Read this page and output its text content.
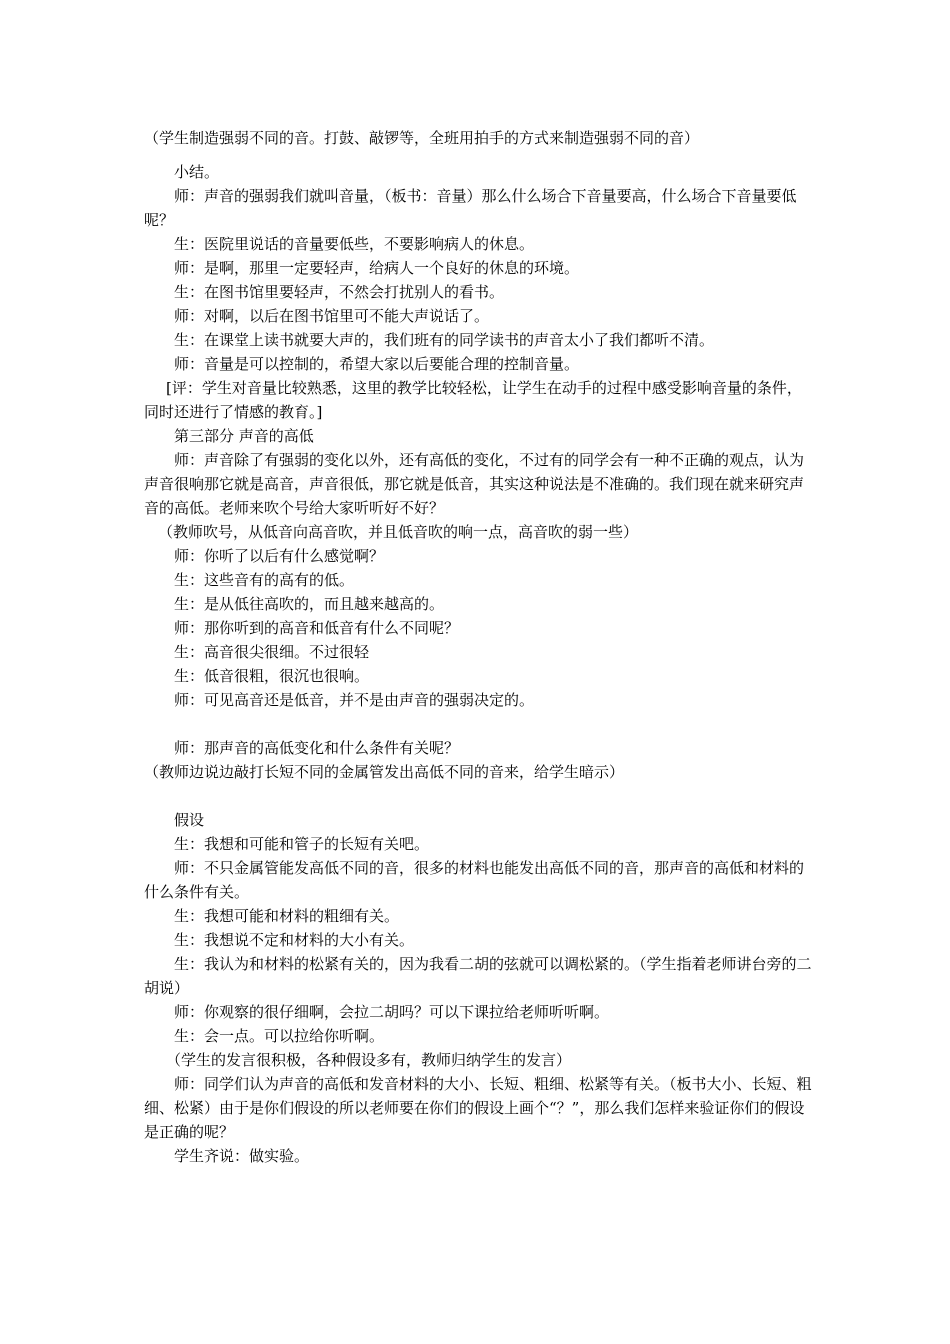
（学生制造强弱不同的音。打鼓、敲锣等，全班用拍手的方式来制造强弱不同的音）

小结。

师：声音的强弱我们就叫音量，（板书：音量）那么什么场合下音量要高，什么场合下音量要低呢？

生：医院里说话的音量要低些，不要影响病人的休息。

师：是啊，那里一定要轻声，给病人一个良好的休息的环境。

生：在图书馆里要轻声，不然会打扰别人的看书。

师：对啊，以后在图书馆里可不能大声说话了。

生：在课堂上读书就要大声的，我们班有的同学读书的声音太小了我们都听不清。

师：音量是可以控制的，希望大家以后要能合理的控制音量。

[评：学生对音量比较熟悉，这里的教学比较轻松，让学生在动手的过程中感受影响音量的条件，同时还进行了情感的教育。]

第三部分 声音的高低

师：声音除了有强弱的变化以外，还有高低的变化，不过有的同学会有一种不正确的观点，认为声音很响那它就是高音，声音很低，那它就是低音，其实这种说法是不准确的。我们现在就来研究声音的高低。老师来吹个号给大家听听好不好？

（教师吹号，从低音向高音吹，并且低音吹的响一点，高音吹的弱一些）

师：你听了以后有什么感觉啊？

生：这些音有的高有的低。

生：是从低往高吹的，而且越来越高的。

师：那你听到的高音和低音有什么不同呢？

生：高音很尖很细。不过很轻

生：低音很粗，很沉也很响。

师：可见高音还是低音，并不是由声音的强弱决定的。

师：那声音的高低变化和什么条件有关呢？

（教师边说边敲打长短不同的金属管发出高低不同的音来，给学生暗示）

假设

生：我想和可能和管子的长短有关吧。

师：不只金属管能发高低不同的音，很多的材料也能发出高低不同的音，那声音的高低和材料的什么条件有关。

生：我想可能和材料的粗细有关。

生：我想说不定和材料的大小有关。

生：我认为和材料的松紧有关的，因为我看二胡的弦就可以调松紧的。（学生指着老师讲台旁的二胡说）

师：你观察的很仔细啊，会拉二胡吗？可以下课拉给老师听听啊。

生：会一点。可以拉给你听啊。

（学生的发言很积极，各种假设多有，教师归纳学生的发言）

师：同学们认为声音的高低和发音材料的大小、长短、粗细、松紧等有关。（板书大小、长短、粗细、松紧）由于是你们假设的所以老师要在你们的假设上画个“？”，那么我们怎样来验证你们的假设是正确的呢？

学生齐说：做实验。
